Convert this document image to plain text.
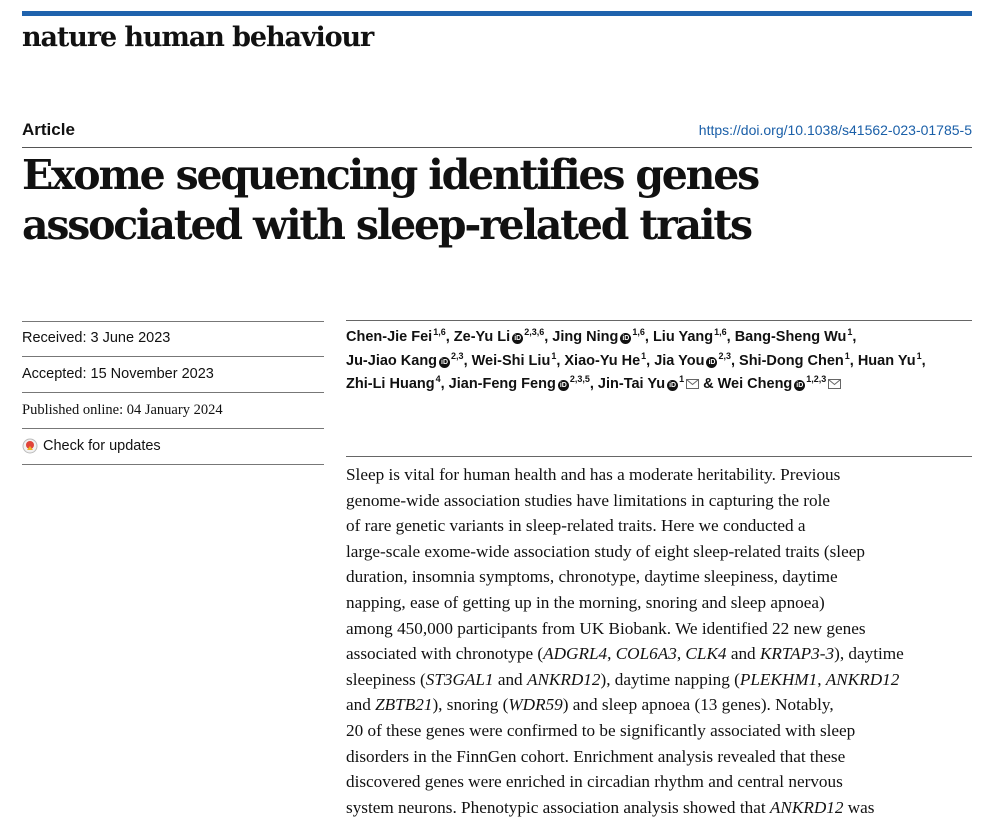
nature human behaviour
Article	https://doi.org/10.1038/s41562-023-01785-5
Exome sequencing identifies genes
associated with sleep-related traits
Received: 3 June 2023
Accepted: 15 November 2023
Published online: 04 January 2024
Check for updates
Chen-Jie Fei$^{1,6}$, Ze-Yu Li iD$^{2,3,6}$, Jing Ning iD$^{1,6}$, Liu Yang$^{1,6}$, Bang-Sheng Wu$^1$, Ju-Jiao Kang iD$^{2,3}$, Wei-Shi Liu$^1$, Xiao-Yu He$^1$, Jia You iD$^{2,3}$, Shi-Dong Chen$^1$, Huan Yu$^1$, Zhi-Li Huang$^4$, Jian-Feng Feng iD$^{2,3,5}$, Jin-Tai Yu $iD^1$ & Wei Cheng iD$^{1,2,3}$

Sleep is vital for human health and has a moderate heritability. Previous
genome-wide association studies have limitations in capturing the role
of rare genetic variants in sleep-related traits. Here we conducted a
large-scale exome-wide association study of eight sleep-related traits (sleep
duration, insomnia symptoms, chronotype, daytime sleepiness, daytime
napping, ease of getting up in the morning, snoring and sleep apnoea)
among 450,000 participants from UK Biobank. We identified 22 new genes
associated with chronotype (ADGRL4, COL6A3, CLK4 and KRTAP3-3), daytime
sleepiness (ST3GAL1 and ANKRD12), daytime napping (PLEKHM1, ANKRD12
and ZBTB21), snoring (WDR59) and sleep apnoea (13 genes). Notably,
20 of these genes were confirmed to be significantly associated with sleep
disorders in the FinnGen cohort. Enrichment analysis revealed that these
discovered genes were enriched in circadian rhythm and central nervous
system neurons. Phenotypic association analysis showed that ANKRD12 was
